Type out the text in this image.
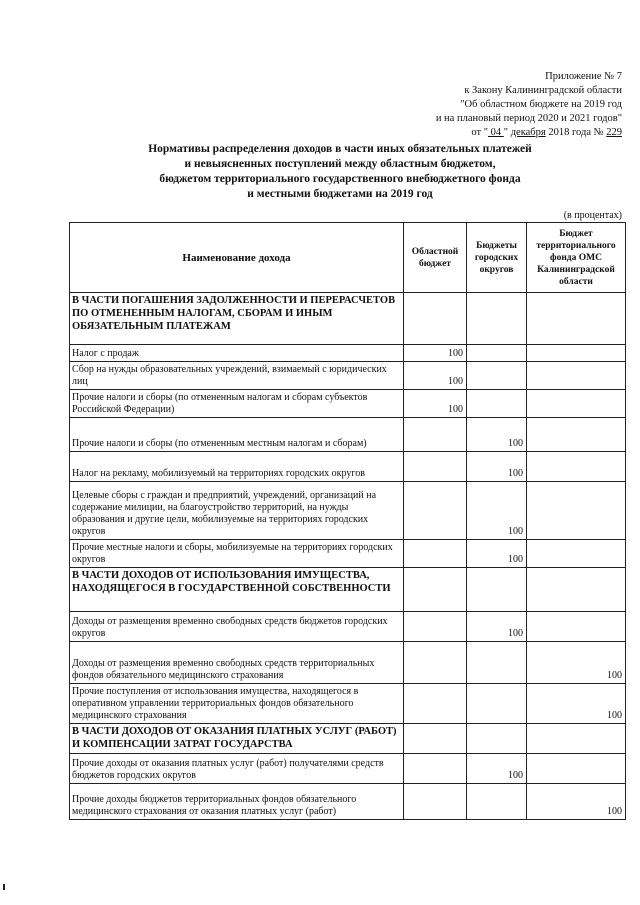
Приложение № 7
к Закону Калининградской области
"Об областном бюджете на 2019 год
и на плановый период 2020 и 2021 годов"
от " 04 " декабря 2018 года № 229
Нормативы распределения доходов в части иных обязательных платежей
и невыясненных поступлений между областным бюджетом,
бюджетом территориального государственного внебюджетного фонда
и местными бюджетами на 2019 год
(в процентах)
Наименование дохода	Областной бюджет	Бюджеты городских округов	Бюджет территориального фонда ОМС Калининградской области
В ЧАСТИ ПОГАШЕНИЯ ЗАДОЛЖЕННОСТИ И ПЕРЕРАСЧЕТОВ ПО ОТМЕНЕННЫМ НАЛОГАМ, СБОРАМ И ИНЫМ ОБЯЗАТЕЛЬНЫМ ПЛАТЕЖАМ			
Налог с продаж	100		
Сбор на нужды образовательных учреждений, взимаемый с юридических лиц	100		
Прочие налоги и сборы (по отмененным налогам и сборам субъектов Российской Федерации)	100		
Прочие налоги и сборы (по отмененным местным налогам и сборам)		100	
Налог на рекламу, мобилизуемый на территориях городских округов		100	
Целевые сборы с граждан и предприятий, учреждений, организаций на содержание милиции, на благоустройство территорий, на нужды образования и другие цели, мобилизуемые на территориях городских округов		100	
Прочие местные налоги и сборы, мобилизуемые на территориях городских округов		100	
В ЧАСТИ ДОХОДОВ ОТ ИСПОЛЬЗОВАНИЯ ИМУЩЕСТВА, НАХОДЯЩЕГОСЯ В ГОСУДАРСТВЕННОЙ СОБСТВЕННОСТИ			
Доходы от размещения временно свободных средств бюджетов городских округов		100	
Доходы от размещения временно свободных средств территориальных фондов обязательного медицинского страхования			100
Прочие поступления от использования имущества, находящегося в оперативном управлении территориальных фондов обязательного медицинского страхования			100
В ЧАСТИ ДОХОДОВ ОТ ОКАЗАНИЯ ПЛАТНЫХ УСЛУГ (РАБОТ) И КОМПЕНСАЦИИ ЗАТРАТ ГОСУДАРСТВА			
Прочие доходы от оказания платных услуг (работ) получателями средств бюджетов городских округов		100	
Прочие доходы бюджетов территориальных фондов обязательного медицинского страхования от оказания платных услуг (работ)			100
